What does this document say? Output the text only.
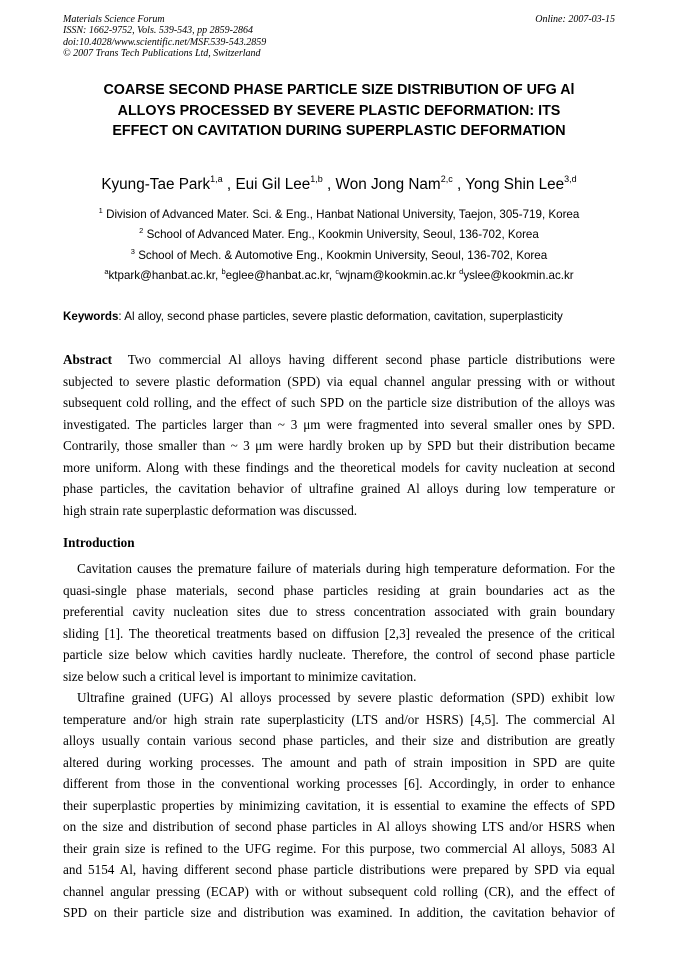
Materials Science Forum
ISSN: 1662-9752, Vols. 539-543, pp 2859-2864
doi:10.4028/www.scientific.net/MSF.539-543.2859
© 2007 Trans Tech Publications Ltd, Switzerland
Online: 2007-03-15
COARSE SECOND PHASE PARTICLE SIZE DISTRIBUTION OF UFG Al
ALLOYS PROCESSED BY SEVERE PLASTIC DEFORMATION: ITS
EFFECT ON CAVITATION DURING SUPERPLASTIC DEFORMATION
Kyung-Tae Park$^{1,a}$ , Eui Gil Lee$^{1,b}$ , Won Jong Nam$^{2,c}$ , Yong Shin Lee$^{3,d}$
$^1$ Division of Advanced Mater. Sci. & Eng., Hanbat National University, Taejon, 305-719, Korea
$^2$ School of Advanced Mater. Eng., Kookmin University, Seoul, 136-702, Korea
$^3$ School of Mech. & Automotive Eng., Kookmin University, Seoul, 136-702, Korea
$^a$ktpark@hanbat.ac.kr, $^b$eglee@hanbat.ac.kr, $^c$wjnam@kookmin.ac.kr $^d$yslee@kookmin.ac.kr
Keywords: Al alloy, second phase particles, severe plastic deformation, cavitation, superplasticity
Abstract Two commercial Al alloys having different second phase particle distributions were
subjected to severe plastic deformation (SPD) via equal channel angular pressing with or without
subsequent cold rolling, and the effect of such SPD on the particle size distribution of the alloys was
investigated. The particles larger than ~ 3 μm were fragmented into several smaller ones by SPD.
Contrarily, those smaller than ~ 3 μm were hardly broken up by SPD but their distribution became
more uniform. Along with these findings and the theoretical models for cavity nucleation at second
phase particles, the cavitation behavior of ultrafine grained Al alloys during low temperature or
high strain rate superplastic deformation was discussed.
Introduction
Cavitation causes the premature failure of materials during high temperature deformation. For the
quasi-single phase materials, second phase particles residing at grain boundaries act as the
preferential cavity nucleation sites due to stress concentration associated with grain boundary
sliding [1]. The theoretical treatments based on diffusion [2,3] revealed the presence of the critical
particle size below which cavities hardly nucleate. Therefore, the control of second phase particle
size below such a critical level is important to minimize cavitation.
Ultrafine grained (UFG) Al alloys processed by severe plastic deformation (SPD) exhibit low
temperature and/or high strain rate superplasticity (LTS and/or HSRS) [4,5]. The commercial Al
alloys usually contain various second phase particles, and their size and distribution are greatly
altered during working processes. The amount and path of strain imposition in SPD are quite
different from those in the conventional working processes [6]. Accordingly, in order to enhance
their superplastic properties by minimizing cavitation, it is essential to examine the effects of SPD
on the size and distribution of second phase particles in Al alloys showing LTS and/or HSRS when
their grain size is refined to the UFG regime. For this purpose, two commercial Al alloys, 5083 Al
and 5154 Al, having different second phase particle distributions were prepared by SPD via equal
channel angular pressing (ECAP) with or without subsequent cold rolling (CR), and the effect of
SPD on their particle size and distribution was examined. In addition, the cavitation behavior of
